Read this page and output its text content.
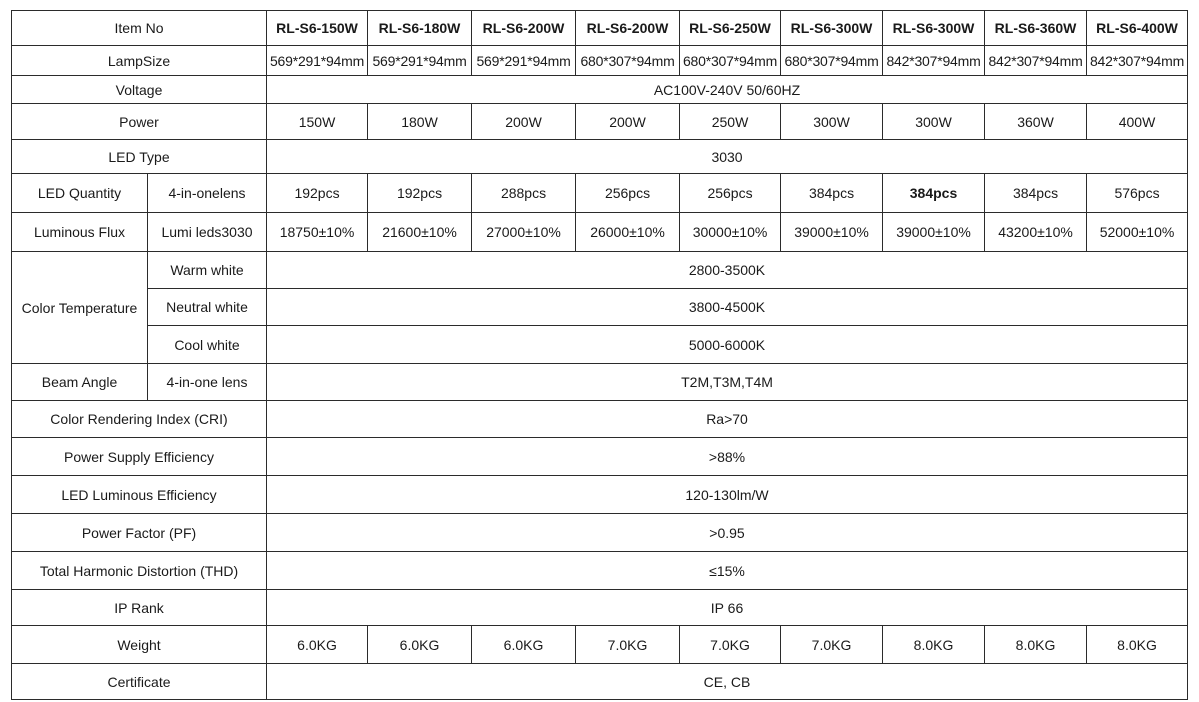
Item No		RL-S6-150W	RL-S6-180W	RL-S6-200W	RL-S6-200W	RL-S6-250W	RL-S6-300W	RL-S6-300W	RL-S6-360W	RL-S6-400W
LampSize		569*291*94mm	569*291*94mm	569*291*94mm	680*307*94mm	680*307*94mm	680*307*94mm	842*307*94mm	842*307*94mm	842*307*94mm
Voltage		AC100V-240V 50/60HZ								
Power		150W	180W	200W	200W	250W	300W	300W	360W	400W
LED Type		3030								
LED Quantity	4-in-onelens	192pcs	192pcs	288pcs	256pcs	256pcs	384pcs	384pcs	384pcs	576pcs
Luminous Flux	Lumi leds3030	18750±10%	21600±10%	27000±10%	26000±10%	30000±10%	39000±10%	39000±10%	43200±10%	52000±10%
Color Temperature	Warm white	2800-3500K								
	Neutral white	3800-4500K								
	Cool white	5000-6000K								
Beam Angle	4-in-one lens	T2M,T3M,T4M								
Color Rendering Index (CRI)		Ra>70								
Power Supply Efficiency		>88%								
LED Luminous Efficiency		120-130lm/W								
Power Factor (PF)		>0.95								
Total Harmonic Distortion (THD)		≤15%								
IP Rank		IP 66								
Weight		6.0KG	6.0KG	6.0KG	7.0KG	7.0KG	7.0KG	8.0KG	8.0KG	8.0KG
Certificate		CE, CB								
